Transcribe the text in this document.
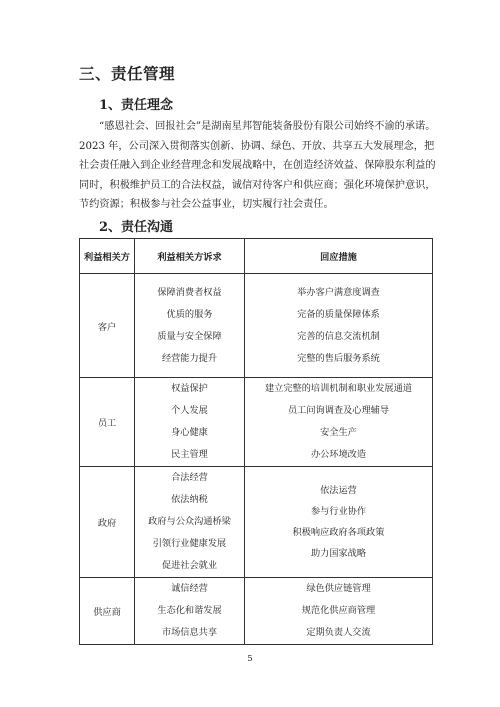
三、责任管理
1、责任理念
“感恩社会、回报社会”是湖南星邦智能装备股份有限公司始终不渝的承诺。
2023 年，公司深入贯彻落实创新、协调、绿色、开放、共享五大发展理念，把
社会责任融入到企业经营理念和发展战略中，在创造经济效益、保障股东利益的
同时，积极维护员工的合法权益，诚信对待客户和供应商；强化环境保护意识，
节约资源；积极参与社会公益事业，切实履行社会责任。
2、责任沟通
利益相关方	利益相关方诉求	回应措施
客户	保障消费者权益
优质的服务
质量与安全保障
经营能力提升	举办客户满意度调查
完备的质量保障体系
完善的信息交流机制
完整的售后服务系统

员工	权益保护
个人发展
身心健康
民主管理	建立完整的培训机制和职业发展通道
员工问询调查及心理辅导
安全生产
办公环境改造

政府	合法经营
依法纳税
政府与公众沟通桥梁
引领行业健康发展
促进社会就业	依法运营
参与行业协作
积极响应政府各项政策
助力国家战略

供应商	诚信经营
生态化和谐发展
市场信息共享	绿色供应链管理
规范化供应商管理
定期负责人交流
5
